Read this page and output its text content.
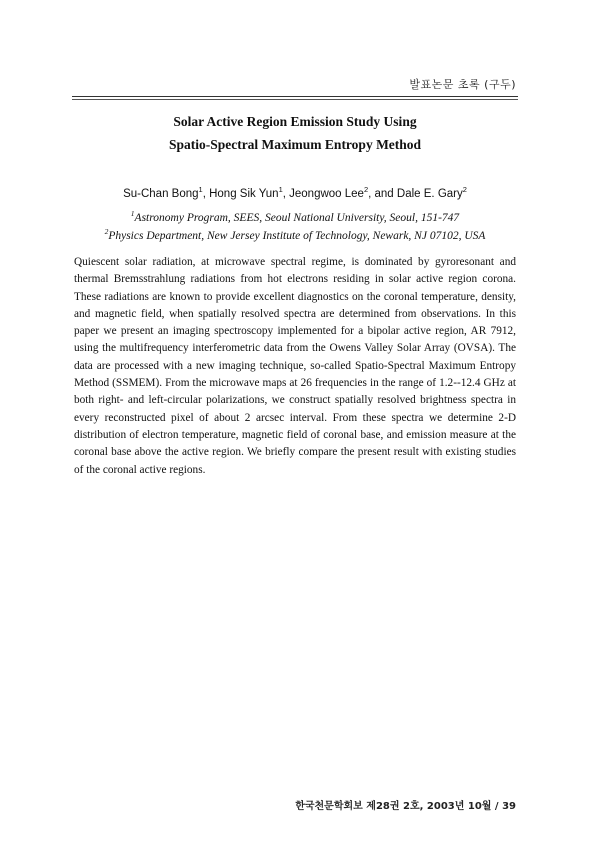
발표논문 초록 (구두)
Solar Active Region Emission Study Using
Spatio-Spectral Maximum Entropy Method
Su-Chan Bong$^1$, Hong Sik Yun$^1$, Jeongwoo Lee$^2$, and Dale E. Gary$^2$
$^1$Astronomy Program, SEES, Seoul National University, Seoul, 151-747
$^2$Physics Department, New Jersey Institute of Technology, Newark, NJ 07102, USA

Quiescent solar radiation, at microwave spectral regime, is dominated by gyroresonant and thermal Bremsstrahlung radiations from hot electrons residing in solar active region corona. These radiations are known to provide excellent diagnostics on the coronal temperature, density, and magnetic field, when spatially resolved spectra are determined from observations. In this paper we present an imaging spectroscopy implemented for a bipolar active region, AR 7912, using the multifrequency interferometric data from the Owens Valley Solar Array (OVSA). The data are processed with a new imaging technique, so-called Spatio-Spectral Maximum Entropy Method (SSMEM). From the microwave maps at 26 frequencies in the range of 1.2--12.4 GHz at both right- and left-circular polarizations, we construct spatially resolved brightness spectra in every reconstructed pixel of about 2 arcsec interval. From these spectra we determine 2-D distribution of electron temperature, magnetic field of coronal base, and emission measure at the coronal base above the active region. We briefly compare the present result with existing studies of the coronal active regions.

한국천문학회보 제28권 2호, 2003년 10월 / 39
